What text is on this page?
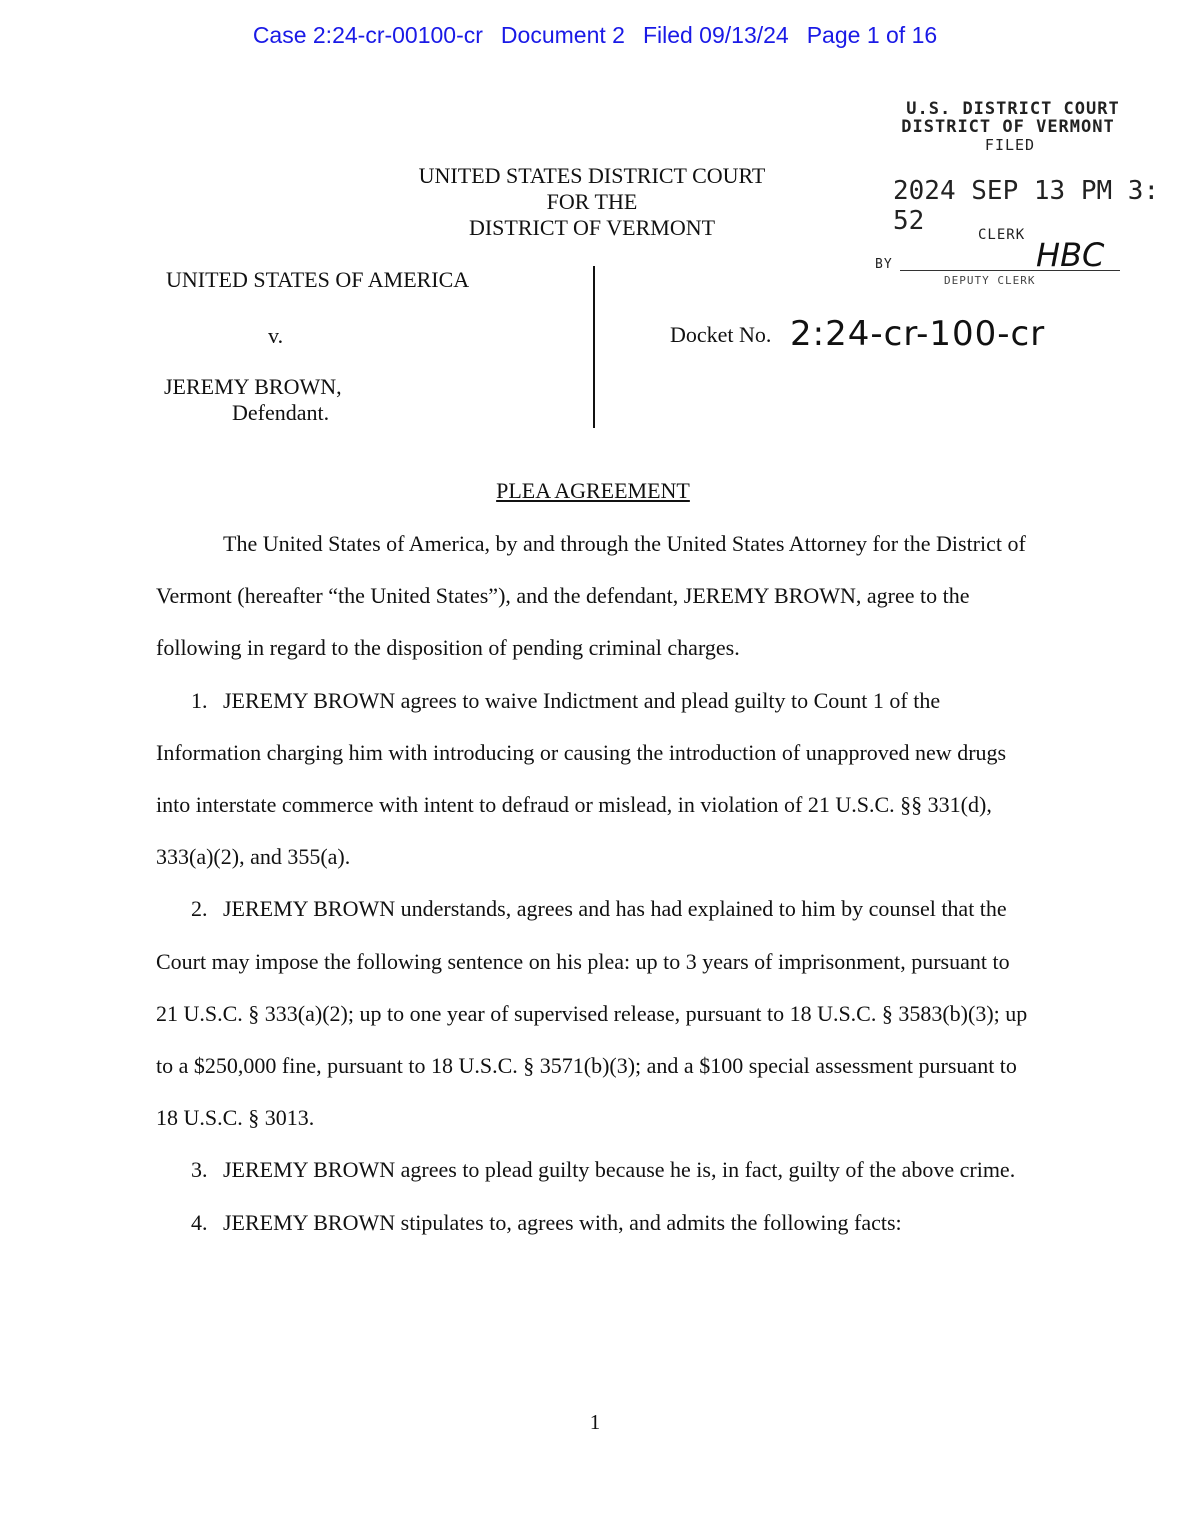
Case 2:24-cr-00100-cr Document 2 Filed 09/13/24 Page 1 of 16
U.S. DISTRICT COURT
DISTRICT OF VERMONT
FILED
2024 SEP 13 PM 3: 52	CLERK
BY	HBC
DEPUTY CLERK
UNITED STATES DISTRICT COURT
FOR THE
DISTRICT OF VERMONT
UNITED STATES OF AMERICA
v.
JEREMY BROWN,
Defendant.
Docket No. 2:24-cr-100-cr
PLEA AGREEMENT

The United States of America, by and through the United States Attorney for the District of Vermont (hereafter “the United States”), and the defendant, JEREMY BROWN, agree to the following in regard to the disposition of pending criminal charges.

1. JEREMY BROWN agrees to waive Indictment and plead guilty to Count 1 of the Information charging him with introducing or causing the introduction of unapproved new drugs into interstate commerce with intent to defraud or mislead, in violation of 21 U.S.C. §§ 331(d), 333(a)(2), and 355(a).

2. JEREMY BROWN understands, agrees and has had explained to him by counsel that the Court may impose the following sentence on his plea: up to 3 years of imprisonment, pursuant to 21 U.S.C. § 333(a)(2); up to one year of supervised release, pursuant to 18 U.S.C. § 3583(b)(3); up to a $250,000 fine, pursuant to 18 U.S.C. § 3571(b)(3); and a $100 special assessment pursuant to 18 U.S.C. § 3013.

3. JEREMY BROWN agrees to plead guilty because he is, in fact, guilty of the above crime.

4. JEREMY BROWN stipulates to, agrees with, and admits the following facts:

1
